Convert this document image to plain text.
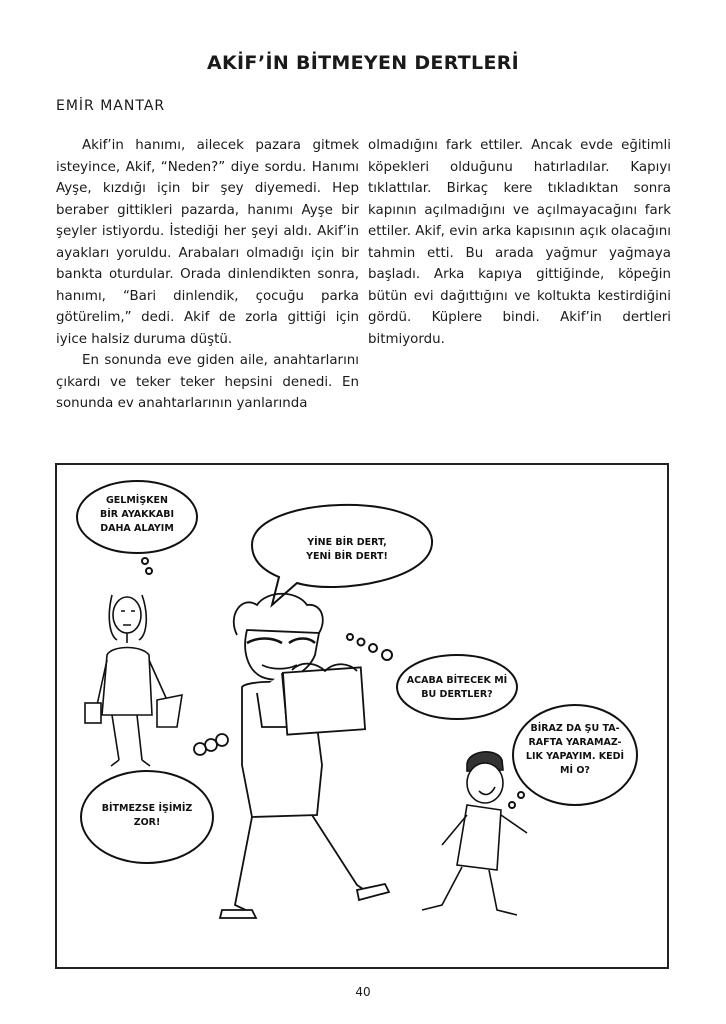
AKİF’İN BİTMEYEN DERTLERİ
EMİR MANTAR

Akif’in hanımı, ailecek pazara gitmek isteyince, Akif, “Neden?” diye sordu. Hanımı Ayşe, kızdığı için bir şey diyemedi. Hep beraber gittikleri pazarda, hanımı Ayşe bir şeyler istiyordu. İstediği her şeyi aldı. Akif’in ayakları yoruldu. Arabaları olmadığı için bir bankta oturdular. Orada dinlendikten sonra, hanımı, “Bari dinlendik, çocuğu parka götürelim,” dedi. Akif de zorla gittiği için iyice halsiz duruma düştü.

En sonunda eve giden aile, anahtarlarını çıkardı ve teker teker hepsini denedi. En sonunda ev anahtarlarının yanlarında

olmadığını fark ettiler. Ancak evde eğitimli köpekleri olduğunu hatırladılar. Kapıyı tıklattılar. Birkaç kere tıkladıktan sonra kapının açılmadığını ve açılmayacağını fark ettiler. Akif, evin arka kapısının açık olacağını tahmin etti. Bu arada yağmur yağmaya başladı. Arka kapıya gittiğinde, köpeğin bütün evi dağıttığını ve koltukta kestirdiğini gördü. Küplere bindi. Akif’in dertleri bitmiyordu.

GELMİŞKEN
BİR AYAKKABI
DAHA ALAYIM
YİNE BİR DERT,
YENİ BİR DERT!
ACABA BİTECEK Mİ
BU DERTLER?
BİRAZ DA ŞU TA-
RAFTA YARAMAZ-
LIK YAPAYIM. KEDİ
Mİ O?
BİTMEZSE İŞİMİZ
ZOR!
40
